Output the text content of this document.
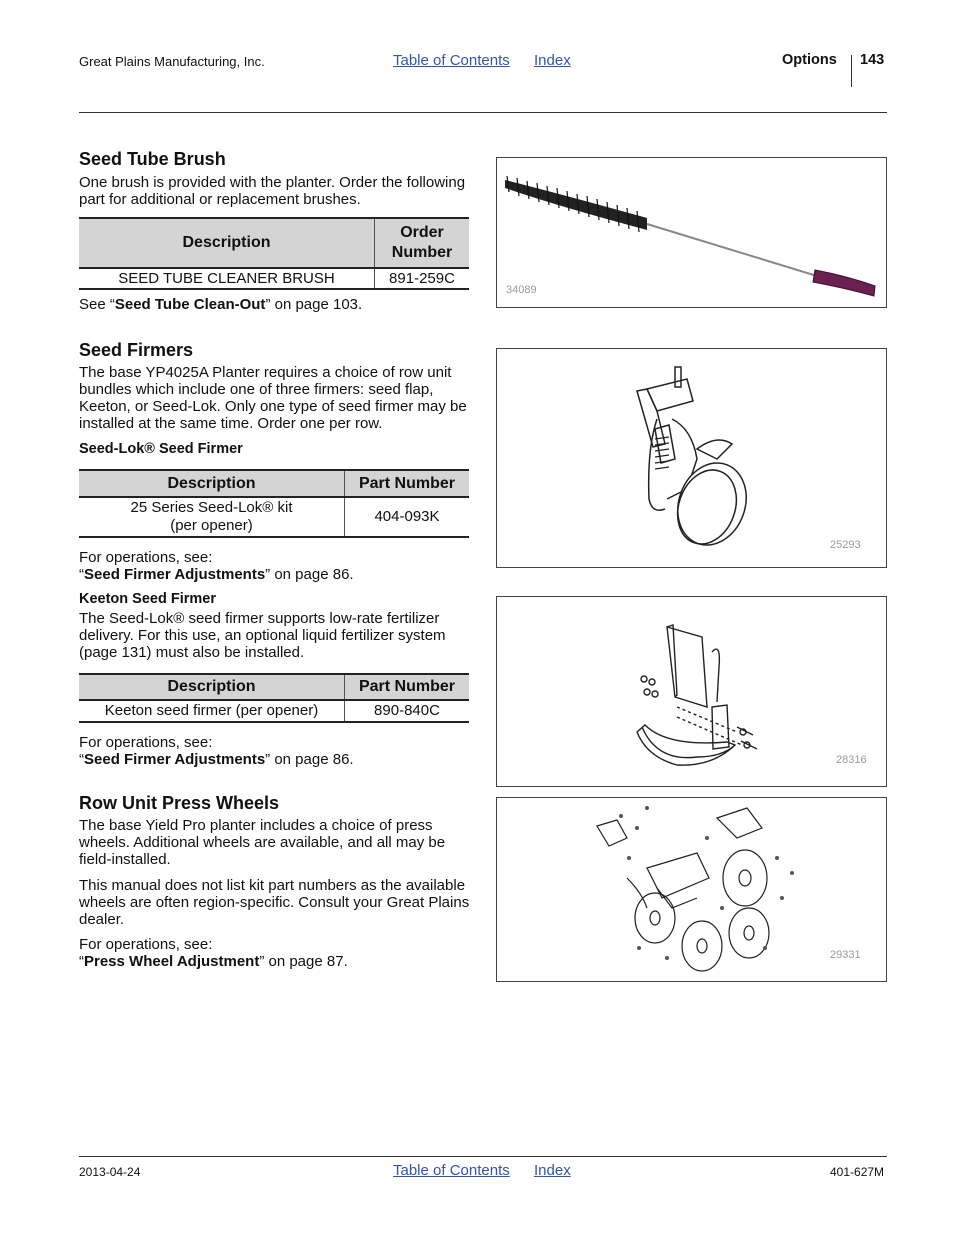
Great Plains Manufacturing, Inc.	Table of Contents Index	Options 143
Seed Tube Brush

One brush is provided with the planter. Order the following part for additional or replacement brushes.

Description	Order Number
SEED TUBE CLEANER BRUSH	891-259C

See “Seed Tube Clean-Out” on page 103.

34089
Seed Firmers

The base YP4025A Planter requires a choice of row unit bundles which include one of three firmers: seed flap, Keeton, or Seed-Lok. Only one type of seed firmer may be installed at the same time. Order one per row.

Seed-Lok® Seed Firmer
Description	Part Number

25 Series Seed-Lok® kit
(per opener)	404-093K

For operations, see:
“Seed Firmer Adjustments” on page 86.

25293
Keeton Seed Firmer

The Seed-Lok® seed firmer supports low-rate fertilizer delivery. For this use, an optional liquid fertilizer system (page 131) must also be installed.

Description	Part Number
Keeton seed firmer (per opener)	890-840C

For operations, see:
“Seed Firmer Adjustments” on page 86.	28316
Row Unit Press Wheels

The base Yield Pro planter includes a choice of press wheels. Additional wheels are available, and all may be field-installed.

This manual does not list kit part numbers as the available wheels are often region-specific. Consult your Great Plains dealer.

For operations, see:
“Press Wheel Adjustment” on page 87.	29331
2013-04-24	Table of Contents Index	401-627M
